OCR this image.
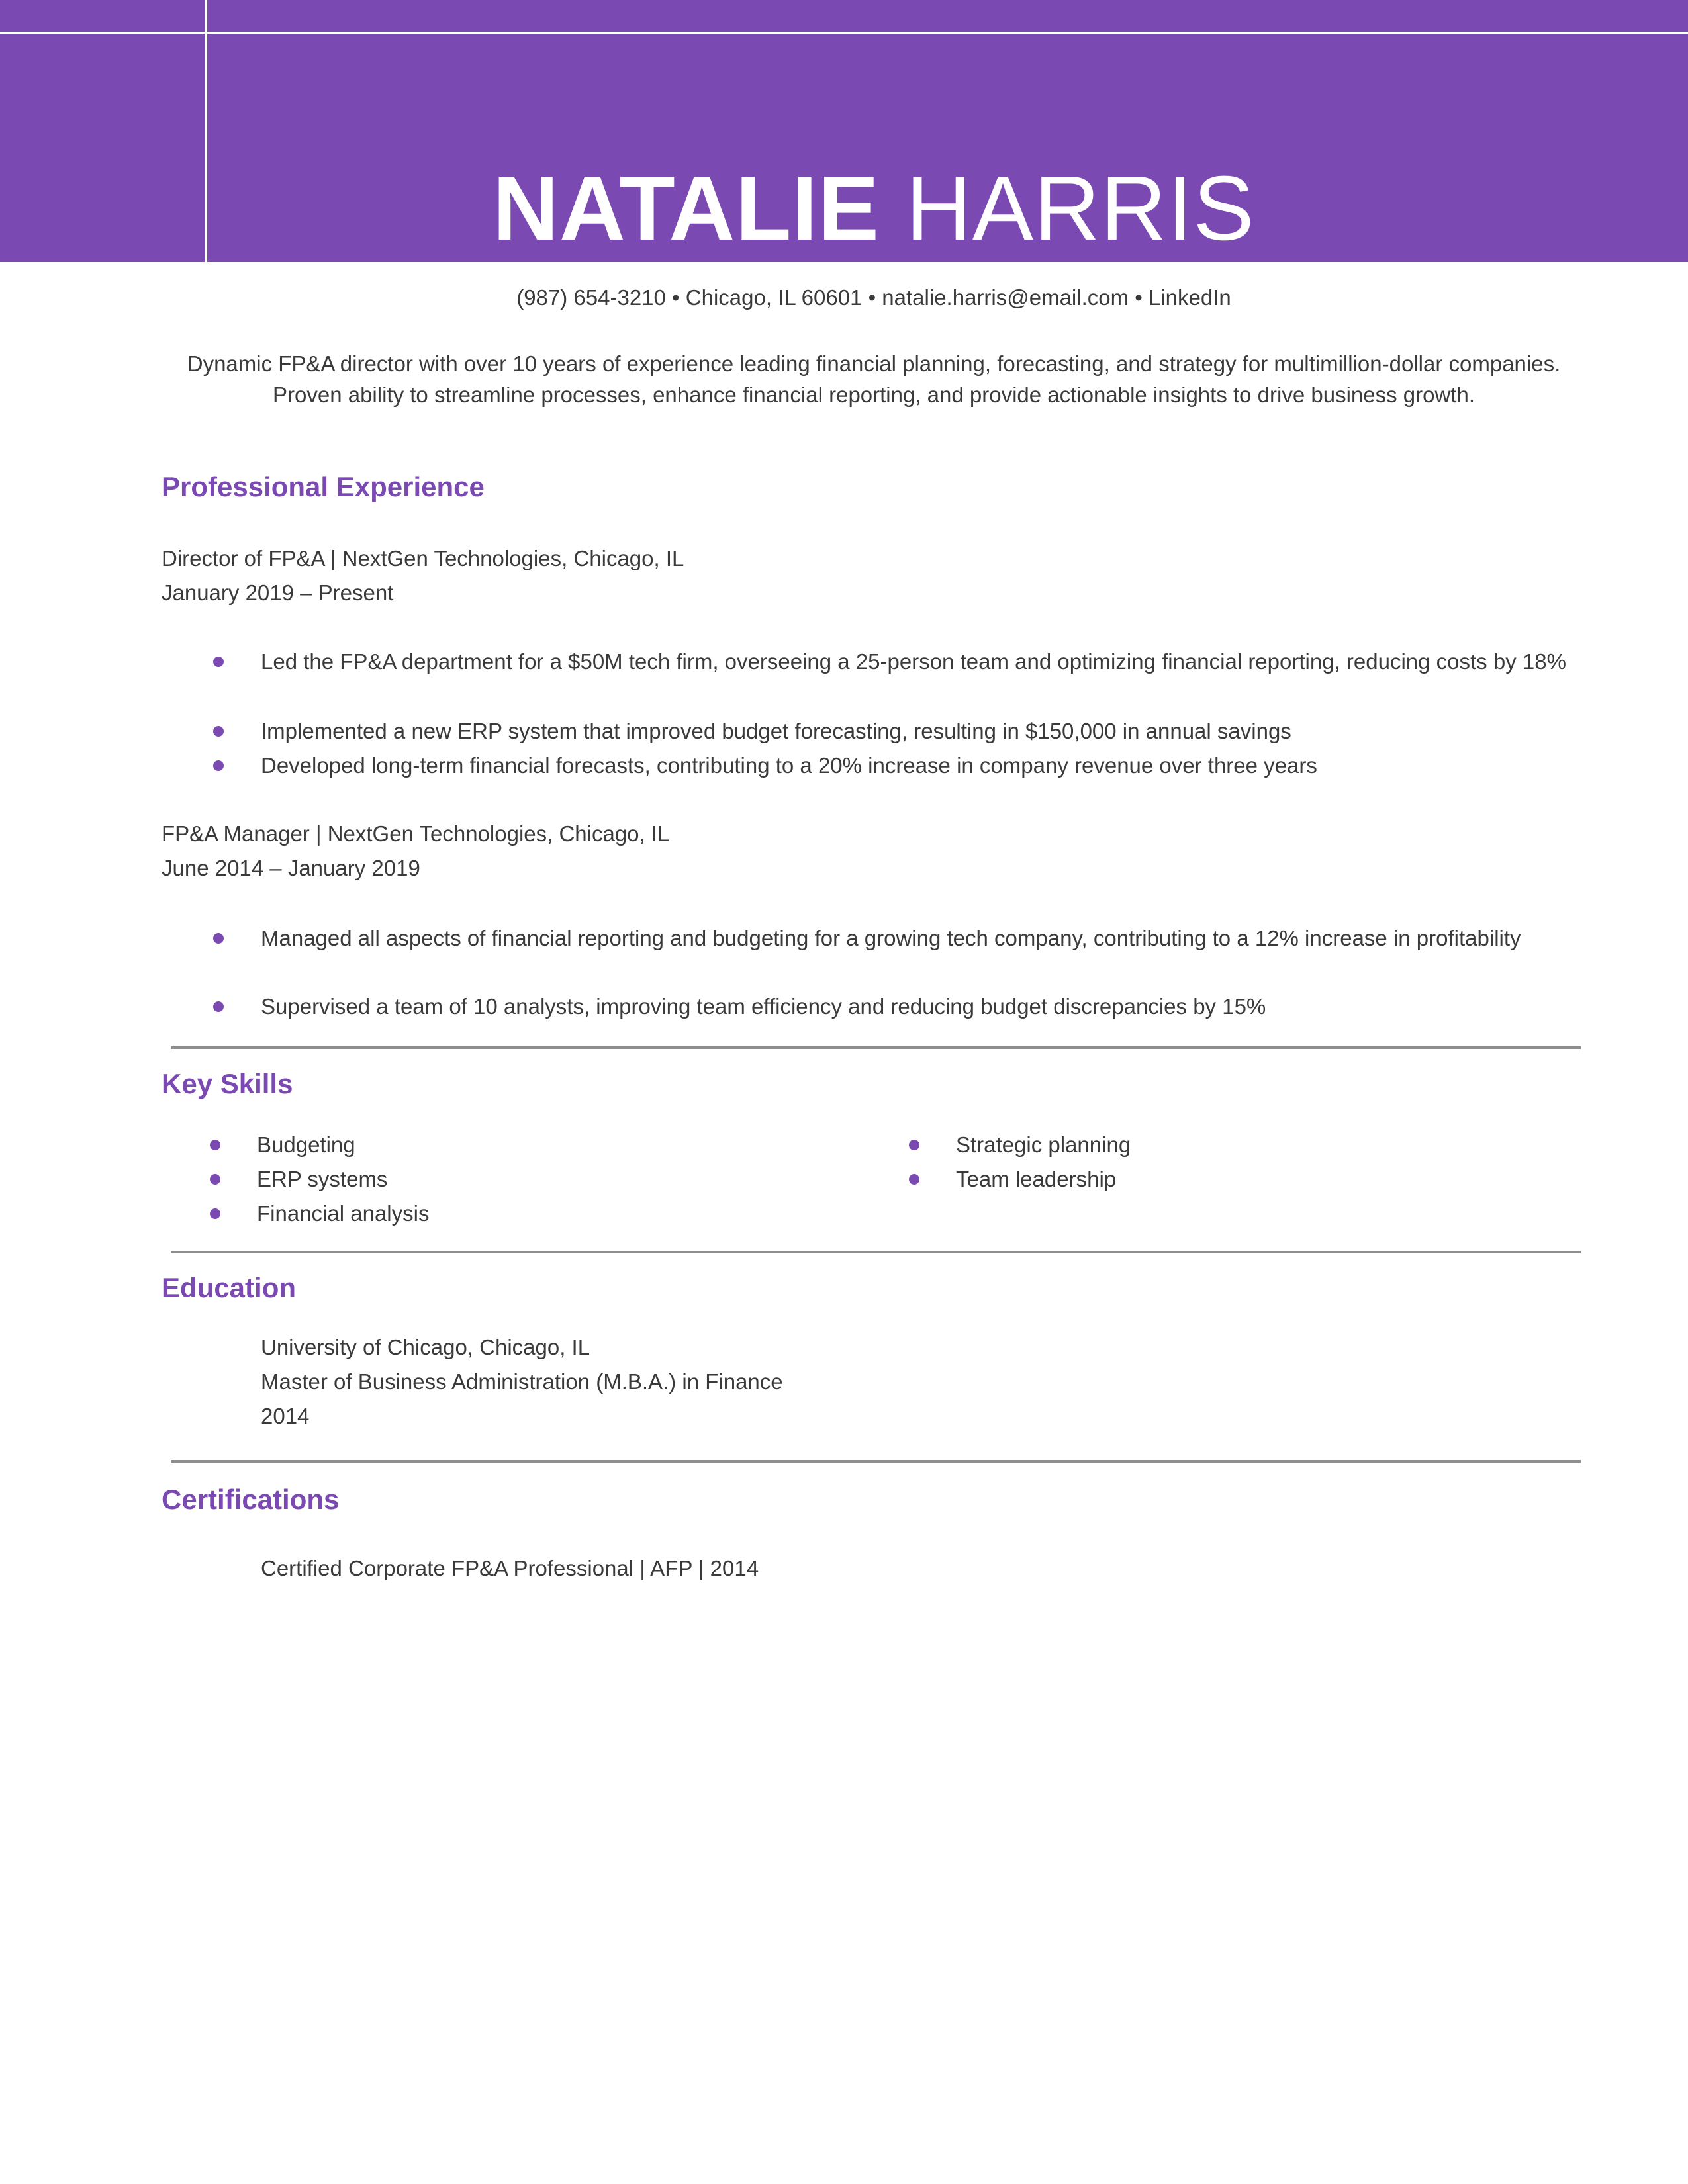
NATALIE HARRIS
(987) 654-3210 • Chicago, IL 60601 • natalie.harris@email.com • LinkedIn
Dynamic FP&A director with over 10 years of experience leading financial planning, forecasting, and strategy for multimillion-dollar companies. Proven ability to streamline processes, enhance financial reporting, and provide actionable insights to drive business growth.
Professional Experience
Director of FP&A | NextGen Technologies, Chicago, IL
January 2019 – Present
Led the FP&A department for a $50M tech firm, overseeing a 25-person team and optimizing financial reporting, reducing costs by 18%
Implemented a new ERP system that improved budget forecasting, resulting in $150,000 in annual savings
Developed long-term financial forecasts, contributing to a 20% increase in company revenue over three years
FP&A Manager | NextGen Technologies, Chicago, IL
June 2014 – January 2019
Managed all aspects of financial reporting and budgeting for a growing tech company, contributing to a 12% increase in profitability
Supervised a team of 10 analysts, improving team efficiency and reducing budget discrepancies by 15%
Key Skills
Budgeting
ERP systems
Financial analysis
Strategic planning
Team leadership
Education
University of Chicago, Chicago, IL
Master of Business Administration (M.B.A.) in Finance
2014
Certifications
Certified Corporate FP&A Professional | AFP | 2014
